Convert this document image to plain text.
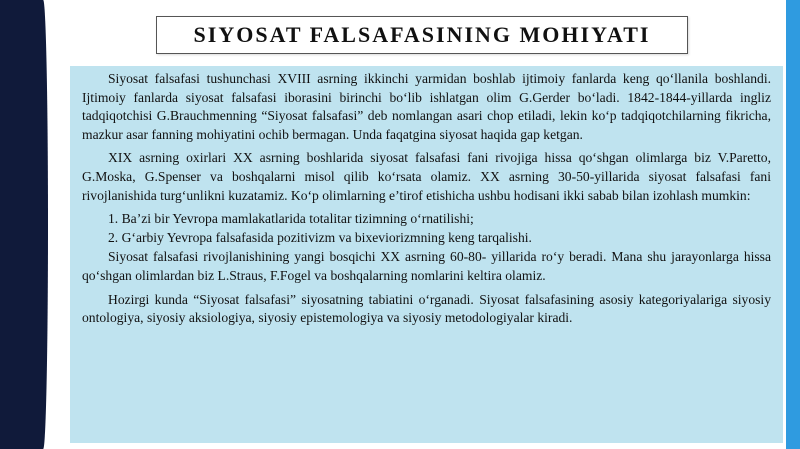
SIYOSAT FALSAFASINING MOHIYATI

Siyosat falsafasi tushunchasi XVIII asrning ikkinchi yarmidan boshlab ijtimoiy fanlarda keng qo‘llanila boshlandi. Ijtimoiy fanlarda siyosat falsafasi iborasini birinchi bo‘lib ishlatgan olim G.Gerder bo‘ladi. 1842-1844-yillarda ingliz tadqiqotchisi G.Brauchmenning “Siyosat falsafasi” deb nomlangan asari chop etiladi, lekin ko‘p tadqiqotchilarning fikricha, mazkur asar fanning mohiyatini ochib bermagan. Unda faqatgina siyosat haqida gap ketgan.

XIX asrning oxirlari XX asrning boshlarida siyosat falsafasi fani rivojiga hissa qo‘shgan olimlarga biz V.Paretto, G.Moska, G.Spenser va boshqalarni misol qilib ko‘rsata olamiz. XX asrning 30-50-yillarida siyosat falsafasi fani rivojlanishida turg‘unlikni kuzatamiz. Ko‘p olimlarning e’tirof etishicha ushbu hodisani ikki sabab bilan izohlash mumkin:

1. Ba’zi bir Yevropa mamlakatlarida totalitar tizimning o‘rnatilishi;

2. G‘arbiy Yevropa falsafasida pozitivizm va bixeviorizmning keng tarqalishi.

Siyosat falsafasi rivojlanishining yangi bosqichi XX asrning 60-80- yillarida ro‘y beradi. Mana shu jarayonlarga hissa qo‘shgan olimlardan biz L.Straus, F.Fogel va boshqalarning nomlarini keltira olamiz.

Hozirgi kunda “Siyosat falsafasi” siyosatning tabiatini o‘rganadi. Siyosat falsafasining asosiy kategoriyalariga siyosiy ontologiya, siyosiy aksiologiya, siyosiy epistemologiya va siyosiy metodologiyalar kiradi.
